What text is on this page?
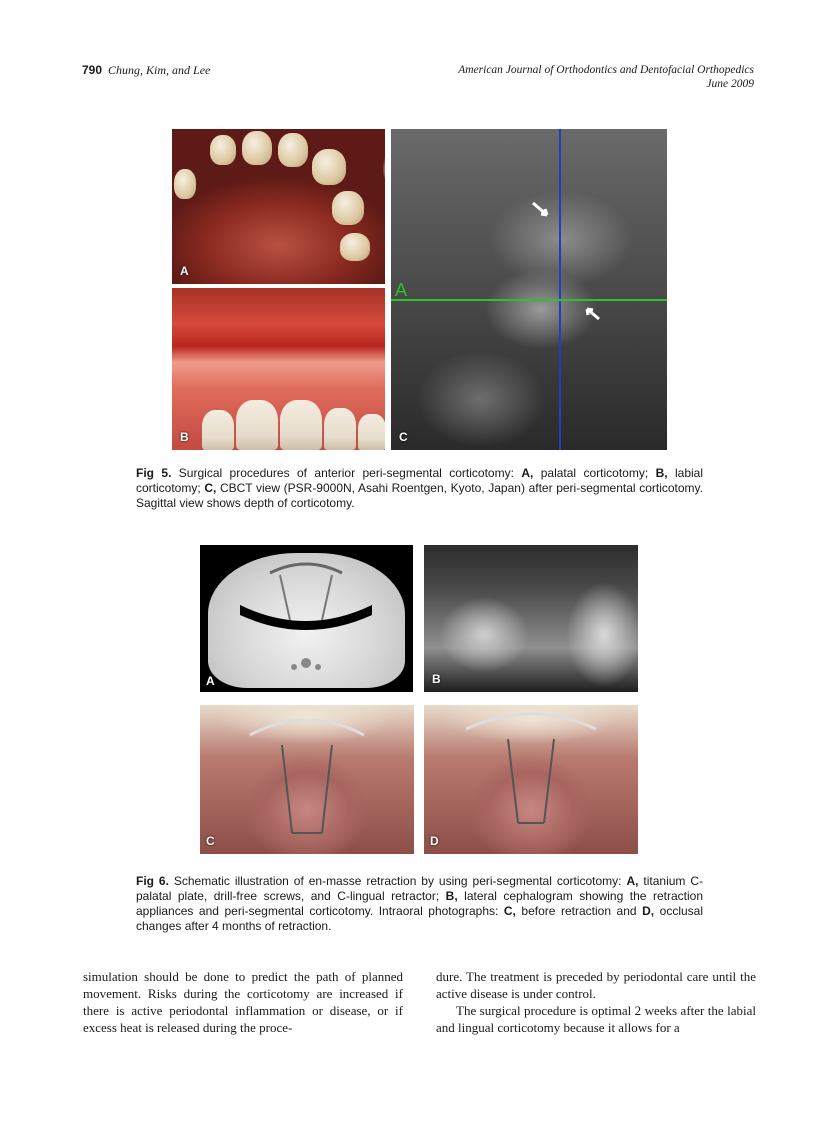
790 Chung, Kim, and Lee	American Journal of Orthodontics and Dentofacial Orthopedics
June 2009
A
B
A
C
Fig 5. Surgical procedures of anterior peri-segmental corticotomy: A, palatal corticotomy; B, labial corticotomy; C, CBCT view (PSR-9000N, Asahi Roentgen, Kyoto, Japan) after peri-segmental corticotomy. Sagittal view shows depth of corticotomy.
A	B
C	D
Fig 6. Schematic illustration of en-masse retraction by using peri-segmental corticotomy: A, titanium C-palatal plate, drill-free screws, and C-lingual retractor; B, lateral cephalogram showing the retraction appliances and peri-segmental corticotomy. Intraoral photographs: C, before retraction and D, occlusal changes after 4 months of retraction.

simulation should be done to predict the path of planned movement. Risks during the corticotomy are increased if there is active periodontal inflammation or disease, or if excess heat is released during the proce-

dure. The treatment is preceded by periodontal care until the active disease is under control.

The surgical procedure is optimal 2 weeks after the labial and lingual corticotomy because it allows for a
